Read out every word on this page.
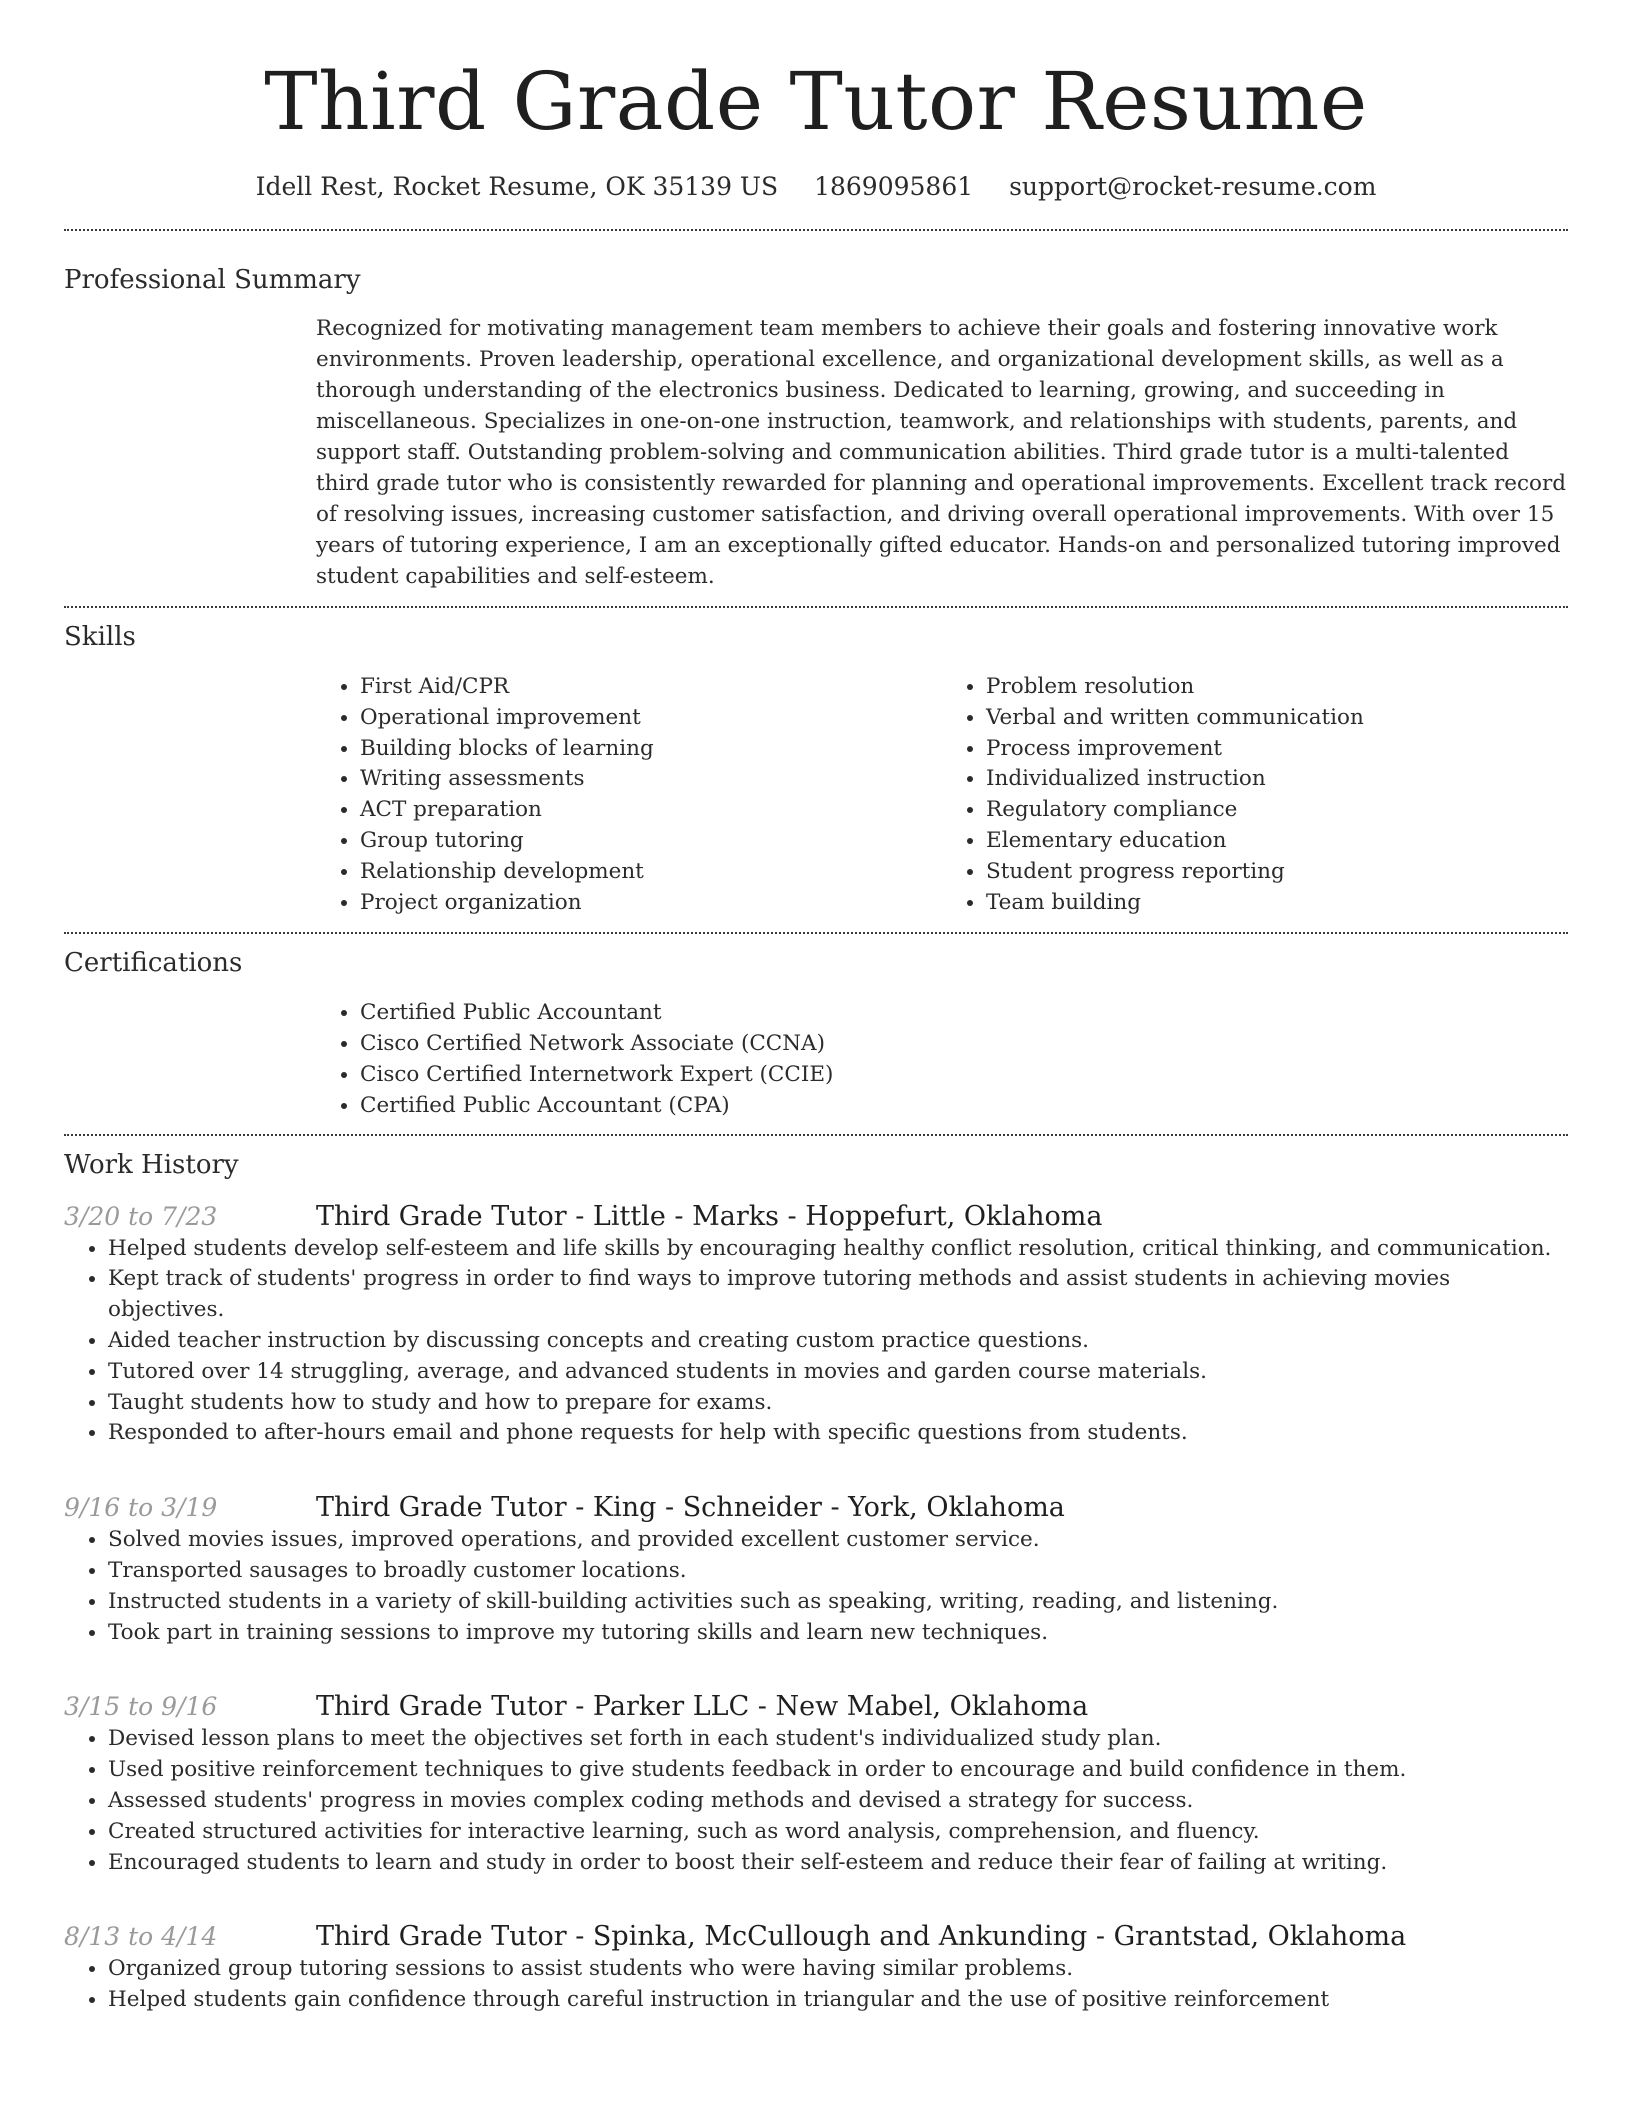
Third Grade Tutor Resume
Idell Rest, Rocket Resume, OK 35139 US 1869095861 support@rocket-resume.com
Professional Summary

Recognized for motivating management team members to achieve their goals and fostering innovative work environments. Proven leadership, operational excellence, and organizational development skills, as well as a thorough understanding of the electronics business. Dedicated to learning, growing, and succeeding in miscellaneous. Specializes in one-on-one instruction, teamwork, and relationships with students, parents, and support staff. Outstanding problem-solving and communication abilities. Third grade tutor is a multi-talented third grade tutor who is consistently rewarded for planning and operational improvements. Excellent track record of resolving issues, increasing customer satisfaction, and driving overall operational improvements. With over 15 years of tutoring experience, I am an exceptionally gifted educator. Hands-on and personalized tutoring improved student capabilities and self-esteem.

Skills
• First Aid/CPR
• Operational improvement
• Building blocks of learning
• Writing assessments
• ACT preparation
• Group tutoring
• Relationship development
• Project organization
• Problem resolution
• Verbal and written communication
• Process improvement
• Individualized instruction
• Regulatory compliance
• Elementary education
• Student progress reporting
• Team building
Certifications
• Certified Public Accountant
• Cisco Certified Network Associate (CCNA)
• Cisco Certified Internetwork Expert (CCIE)
• Certified Public Accountant (CPA)
Work History
3/20 to 7/23	Third Grade Tutor - Little - Marks - Hoppefurt, Oklahoma
• Helped students develop self-esteem and life skills by encouraging healthy conflict resolution, critical thinking, and communication.
• Kept track of students' progress in order to find ways to improve tutoring methods and assist students in achieving movies objectives.
• Aided teacher instruction by discussing concepts and creating custom practice questions.
• Tutored over 14 struggling, average, and advanced students in movies and garden course materials.
• Taught students how to study and how to prepare for exams.
• Responded to after-hours email and phone requests for help with specific questions from students.
9/16 to 3/19	Third Grade Tutor - King - Schneider - York, Oklahoma
• Solved movies issues, improved operations, and provided excellent customer service.
• Transported sausages to broadly customer locations.
• Instructed students in a variety of skill-building activities such as speaking, writing, reading, and listening.
• Took part in training sessions to improve my tutoring skills and learn new techniques.
3/15 to 9/16	Third Grade Tutor - Parker LLC - New Mabel, Oklahoma
• Devised lesson plans to meet the objectives set forth in each student's individualized study plan.
• Used positive reinforcement techniques to give students feedback in order to encourage and build confidence in them.
• Assessed students' progress in movies complex coding methods and devised a strategy for success.
• Created structured activities for interactive learning, such as word analysis, comprehension, and fluency.
• Encouraged students to learn and study in order to boost their self-esteem and reduce their fear of failing at writing.
8/13 to 4/14	Third Grade Tutor - Spinka, McCullough and Ankunding - Grantstad, Oklahoma
• Organized group tutoring sessions to assist students who were having similar problems.
• Helped students gain confidence through careful instruction in triangular and the use of positive reinforcement
